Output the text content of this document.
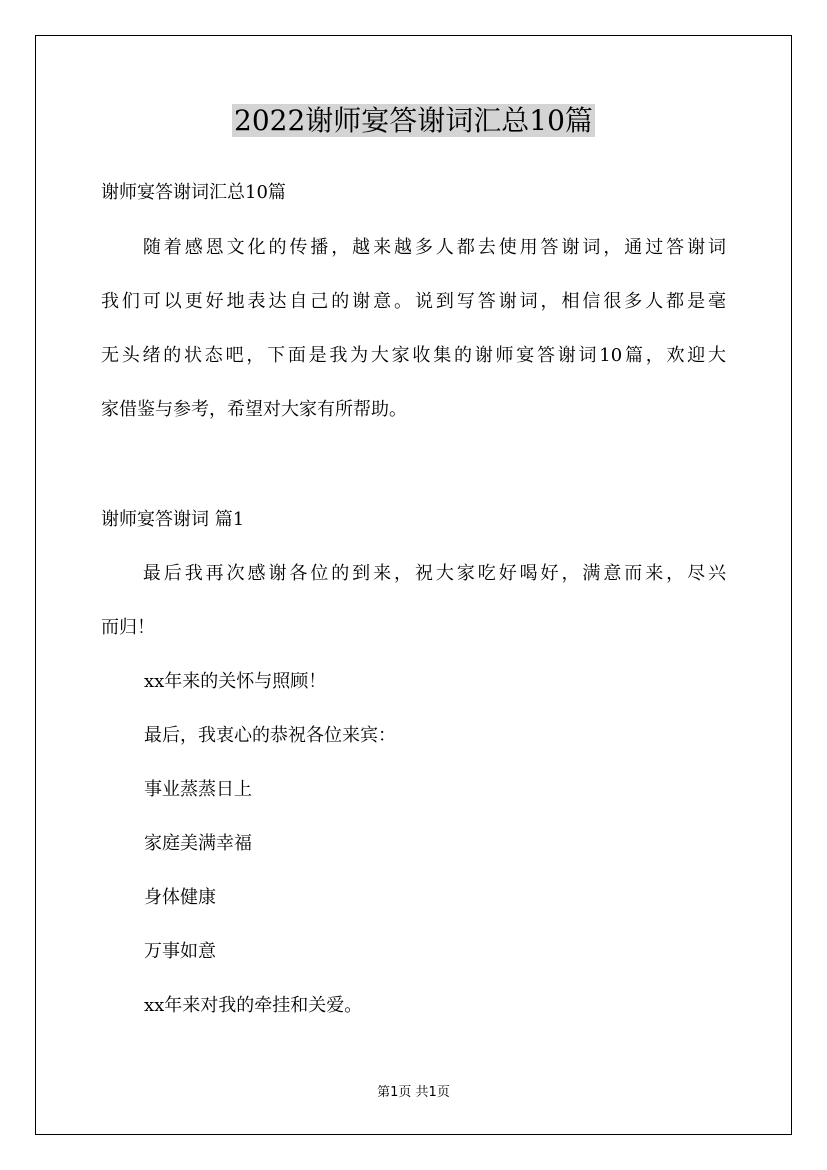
2022谢师宴答谢词汇总10篇
谢师宴答谢词汇总10篇
　　随着感恩文化的传播，越来越多人都去使用答谢词，通过答谢词
我们可以更好地表达自己的谢意。说到写答谢词，相信很多人都是毫
无头绪的状态吧，下面是我为大家收集的谢师宴答谢词10篇，欢迎大
家借鉴与参考，希望对大家有所帮助。
谢师宴答谢词 篇1
　　最后我再次感谢各位的到来，祝大家吃好喝好，满意而来，尽兴
而归！
xx年来的关怀与照顾！
最后，我衷心的恭祝各位来宾：
事业蒸蒸日上
家庭美满幸福
身体健康
万事如意
xx年来对我的牵挂和关爱。
第1页 共1页
